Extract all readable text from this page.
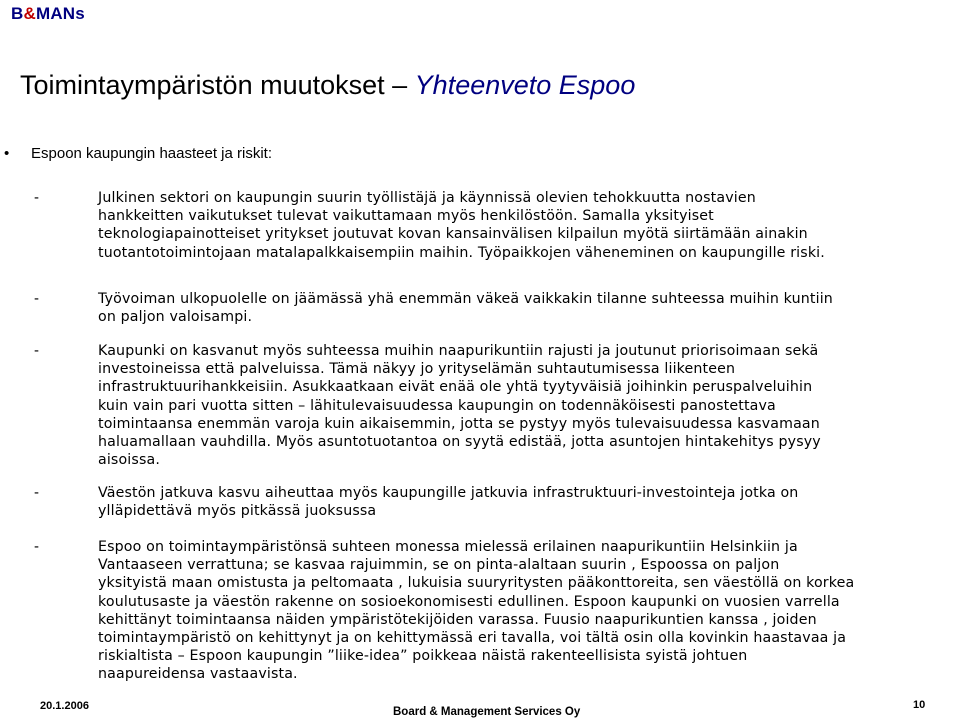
B&MANs
Toimintaympäristön muutokset – Yhteenveto Espoo
• Espoon kaupungin haasteet ja riskit:
-	Julkinen sektori on kaupungin suurin työllistäjä ja käynnissä olevien tehokkuutta nostavien
hankkeitten vaikutukset tulevat vaikuttamaan myös henkilöstöön. Samalla yksityiset
teknologiapainotteiset yritykset joutuvat kovan kansainvälisen kilpailun myötä siirtämään ainakin
tuotantotoimintojaan matalapalkkaisempiin maihin. Työpaikkojen väheneminen on kaupungille riski.
-	Työvoiman ulkopuolelle on jäämässä yhä enemmän väkeä vaikkakin tilanne suhteessa muihin kuntiin
on paljon valoisampi.
-	Kaupunki on kasvanut myös suhteessa muihin naapurikuntiin rajusti ja joutunut priorisoimaan sekä
investoineissa että palveluissa. Tämä näkyy jo yrityselämän suhtautumisessa liikenteen
infrastruktuurihankkeisiin. Asukkaatkaan eivät enää ole yhtä tyytyväisiä joihinkin peruspalveluihin
kuin vain pari vuotta sitten – lähitulevaisuudessa kaupungin on todennäköisesti panostettava
toimintaansa enemmän varoja kuin aikaisemmin, jotta se pystyy myös tulevaisuudessa kasvamaan
haluamallaan vauhdilla. Myös asuntotuotantoa on syytä edistää, jotta asuntojen hintakehitys pysyy
aisoissa.
-	Väestön jatkuva kasvu aiheuttaa myös kaupungille jatkuvia infrastruktuuri-investointeja jotka on
ylläpidettävä myös pitkässä juoksussa
-	Espoo on toimintaympäristönsä suhteen monessa mielessä erilainen naapurikuntiin Helsinkiin ja
Vantaaseen verrattuna; se kasvaa rajuimmin, se on pinta-alaltaan suurin , Espoossa on paljon
yksityistä maan omistusta ja peltomaata , lukuisia suuryritysten pääkonttoreita, sen väestöllä on korkea
koulutusaste ja väestön rakenne on sosioekonomisesti edullinen. Espoon kaupunki on vuosien varrella
kehittänyt toimintaansa näiden ympäristötekijöiden varassa. Fuusio naapurikuntien kanssa , joiden
toimintaympäristö on kehittynyt ja on kehittymässä eri tavalla, voi tältä osin olla kovinkin haastavaa ja
riskialtista – Espoon kaupungin ”liike-idea” poikkeaa näistä rakenteellisista syistä johtuen
naapureidensa vastaavista.
20.1.2006	Board & Management Services Oy
10
